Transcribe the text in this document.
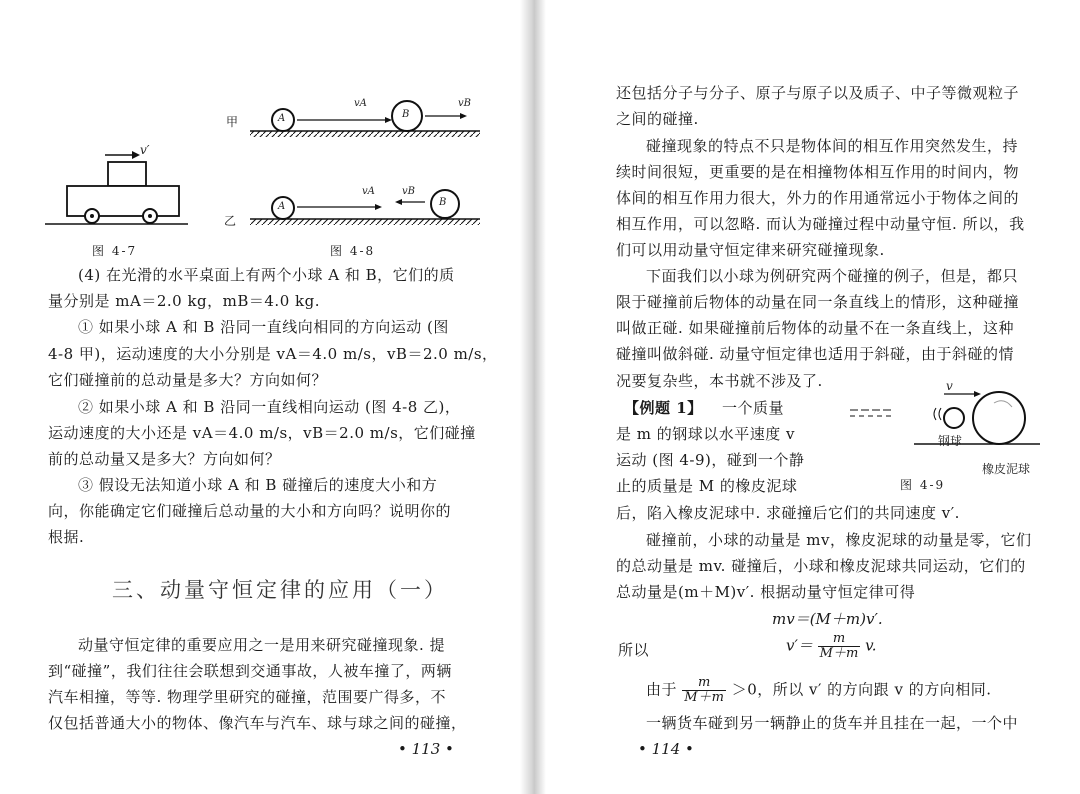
v′
图 4-7
甲
乙
A	B
vA	vB
A	B
vA	vB
图 4-8
(4) 在光滑的水平桌面上有两个小球 A 和 B，它们的质
量分别是 mA＝2.0 kg，mB＝4.0 kg.
① 如果小球 A 和 B 沿同一直线向相同的方向运动 (图
4-8 甲)，运动速度的大小分别是 vA＝4.0 m/s，vB＝2.0 m/s，
它们碰撞前的总动量是多大？方向如何？
② 如果小球 A 和 B 沿同一直线相向运动 (图 4-8 乙)，
运动速度的大小还是 vA＝4.0 m/s，vB＝2.0 m/s，它们碰撞
前的总动量又是多大？方向如何？
③ 假设无法知道小球 A 和 B 碰撞后的速度大小和方
向，你能确定它们碰撞后总动量的大小和方向吗？说明你的
根据.
三、动量守恒定律的应用（一）
动量守恒定律的重要应用之一是用来研究碰撞现象. 提
到“碰撞”，我们往往会联想到交通事故，人被车撞了，两辆
汽车相撞，等等. 物理学里研究的碰撞，范围要广得多，不
仅包括普通大小的物体、像汽车与汽车、球与球之间的碰撞，
• 113 •
还包括分子与分子、原子与原子以及质子、中子等微观粒子
之间的碰撞.
碰撞现象的特点不只是物体间的相互作用突然发生，持
续时间很短，更重要的是在相撞物体相互作用的时间内，物
体间的相互作用力很大，外力的作用通常远小于物体之间的
相互作用，可以忽略. 而认为碰撞过程中动量守恒. 所以，我
们可以用动量守恒定律来研究碰撞现象.
下面我们以小球为例研究两个碰撞的例子，但是，都只
限于碰撞前后物体的动量在同一条直线上的情形，这种碰撞
叫做正碰. 如果碰撞前后物体的动量不在一条直线上，这种
碰撞叫做斜碰. 动量守恒定律也适用于斜碰，由于斜碰的情
况要复杂些，本书就不涉及了.
【例题 1】 一个质量
是 m 的钢球以水平速度 v
运动 (图 4-9)，碰到一个静
止的质量是 M 的橡皮泥球
后，陷入橡皮泥球中. 求碰撞后它们的共同速度 v′.
v
钢球
橡皮泥球
图 4-9
碰撞前，小球的动量是 mv，橡皮泥球的动量是零，它们
的总动量是 mv. 碰撞后，小球和橡皮泥球共同运动，它们的
总动量是(m＋M)v′. 根据动量守恒定律可得
mv＝(M＋m)v′.
所以	$v'= \frac{m}{M+m} v$.
由于 $\frac{m}{M+m} >0$，所以 v′ 的方向跟 v 的方向相同.
一辆货车碰到另一辆静止的货车并且挂在一起，一个中
• 114 •
